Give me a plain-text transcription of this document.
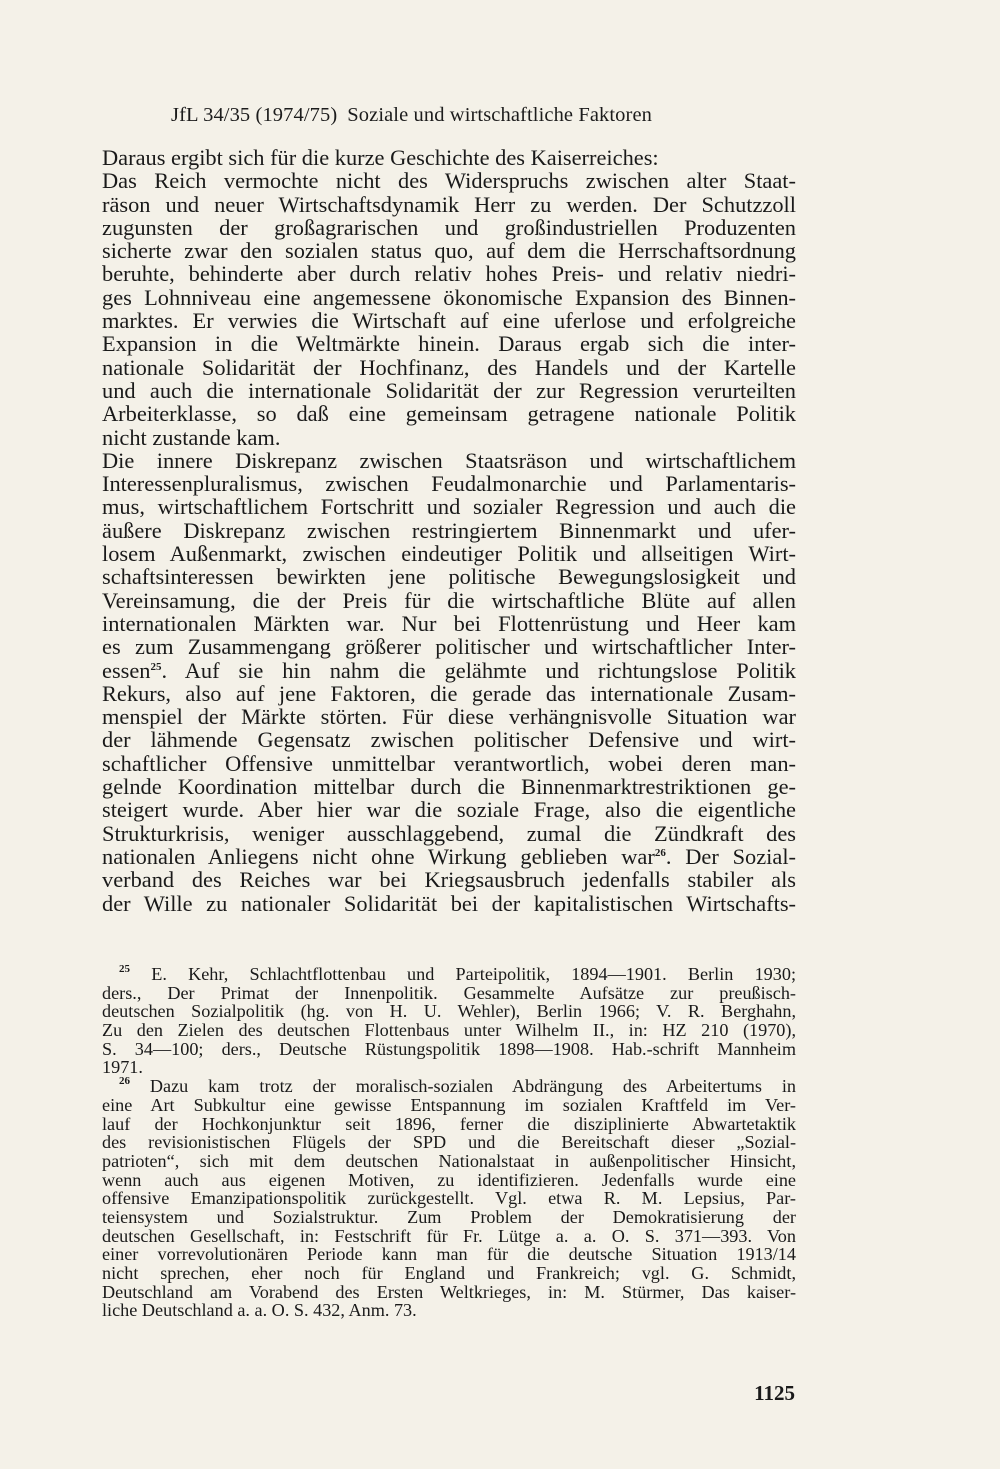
JfL 34/35 (1974/75) Soziale und wirtschaftliche Faktoren
Daraus ergibt sich für die kurze Geschichte des Kaiserreiches:
Das Reich vermochte nicht des Widerspruchs zwischen alter Staat-
räson und neuer Wirtschaftsdynamik Herr zu werden. Der Schutzzoll
zugunsten der großagrarischen und großindustriellen Produzenten
sicherte zwar den sozialen status quo, auf dem die Herrschaftsordnung
beruhte, behinderte aber durch relativ hohes Preis- und relativ niedri-
ges Lohnniveau eine angemessene ökonomische Expansion des Binnen-
marktes. Er verwies die Wirtschaft auf eine uferlose und erfolgreiche
Expansion in die Weltmärkte hinein. Daraus ergab sich die inter-
nationale Solidarität der Hochfinanz, des Handels und der Kartelle
und auch die internationale Solidarität der zur Regression verurteilten
Arbeiterklasse, so daß eine gemeinsam getragene nationale Politik
nicht zustande kam.
Die innere Diskrepanz zwischen Staatsräson und wirtschaftlichem
Interessenpluralismus, zwischen Feudalmonarchie und Parlamentaris-
mus, wirtschaftlichem Fortschritt und sozialer Regression und auch die
äußere Diskrepanz zwischen restringiertem Binnenmarkt und ufer-
losem Außenmarkt, zwischen eindeutiger Politik und allseitigen Wirt-
schaftsinteressen bewirkten jene politische Bewegungslosigkeit und
Vereinsamung, die der Preis für die wirtschaftliche Blüte auf allen
internationalen Märkten war. Nur bei Flottenrüstung und Heer kam
es zum Zusammengang größerer politischer und wirtschaftlicher Inter-
essen$^{25}$. Auf sie hin nahm die gelähmte und richtungslose Politik
Rekurs, also auf jene Faktoren, die gerade das internationale Zusam-
menspiel der Märkte störten. Für diese verhängnisvolle Situation war
der lähmende Gegensatz zwischen politischer Defensive und wirt-
schaftlicher Offensive unmittelbar verantwortlich, wobei deren man-
gelnde Koordination mittelbar durch die Binnenmarktrestriktionen ge-
steigert wurde. Aber hier war die soziale Frage, also die eigentliche
Strukturkrisis, weniger ausschlaggebend, zumal die Zündkraft des
nationalen Anliegens nicht ohne Wirkung geblieben war$^{26}$. Der Sozial-
verband des Reiches war bei Kriegsausbruch jedenfalls stabiler als
der Wille zu nationaler Solidarität bei der kapitalistischen Wirtschafts-
$^{25}$ E. Kehr, Schlachtflottenbau und Parteipolitik, 1894—1901. Berlin 1930;
ders., Der Primat der Innenpolitik. Gesammelte Aufsätze zur preußisch-
deutschen Sozialpolitik (hg. von H. U. Wehler), Berlin 1966; V. R. Berghahn,
Zu den Zielen des deutschen Flottenbaus unter Wilhelm II., in: HZ 210 (1970),
S. 34—100; ders., Deutsche Rüstungspolitik 1898—1908. Hab.-schrift Mannheim
1971.
$^{26}$ Dazu kam trotz der moralisch-sozialen Abdrängung des Arbeitertums in
eine Art Subkultur eine gewisse Entspannung im sozialen Kraftfeld im Ver-
lauf der Hochkonjunktur seit 1896, ferner die disziplinierte Abwartetaktik
des revisionistischen Flügels der SPD und die Bereitschaft dieser „Sozial-
patrioten“, sich mit dem deutschen Nationalstaat in außenpolitischer Hinsicht,
wenn auch aus eigenen Motiven, zu identifizieren. Jedenfalls wurde eine
offensive Emanzipationspolitik zurückgestellt. Vgl. etwa R. M. Lepsius, Par-
teiensystem und Sozialstruktur. Zum Problem der Demokratisierung der
deutschen Gesellschaft, in: Festschrift für Fr. Lütge a. a. O. S. 371—393. Von
einer vorrevolutionären Periode kann man für die deutsche Situation 1913/14
nicht sprechen, eher noch für England und Frankreich; vgl. G. Schmidt,
Deutschland am Vorabend des Ersten Weltkrieges, in: M. Stürmer, Das kaiser-
liche Deutschland a. a. O. S. 432, Anm. 73.
1125
